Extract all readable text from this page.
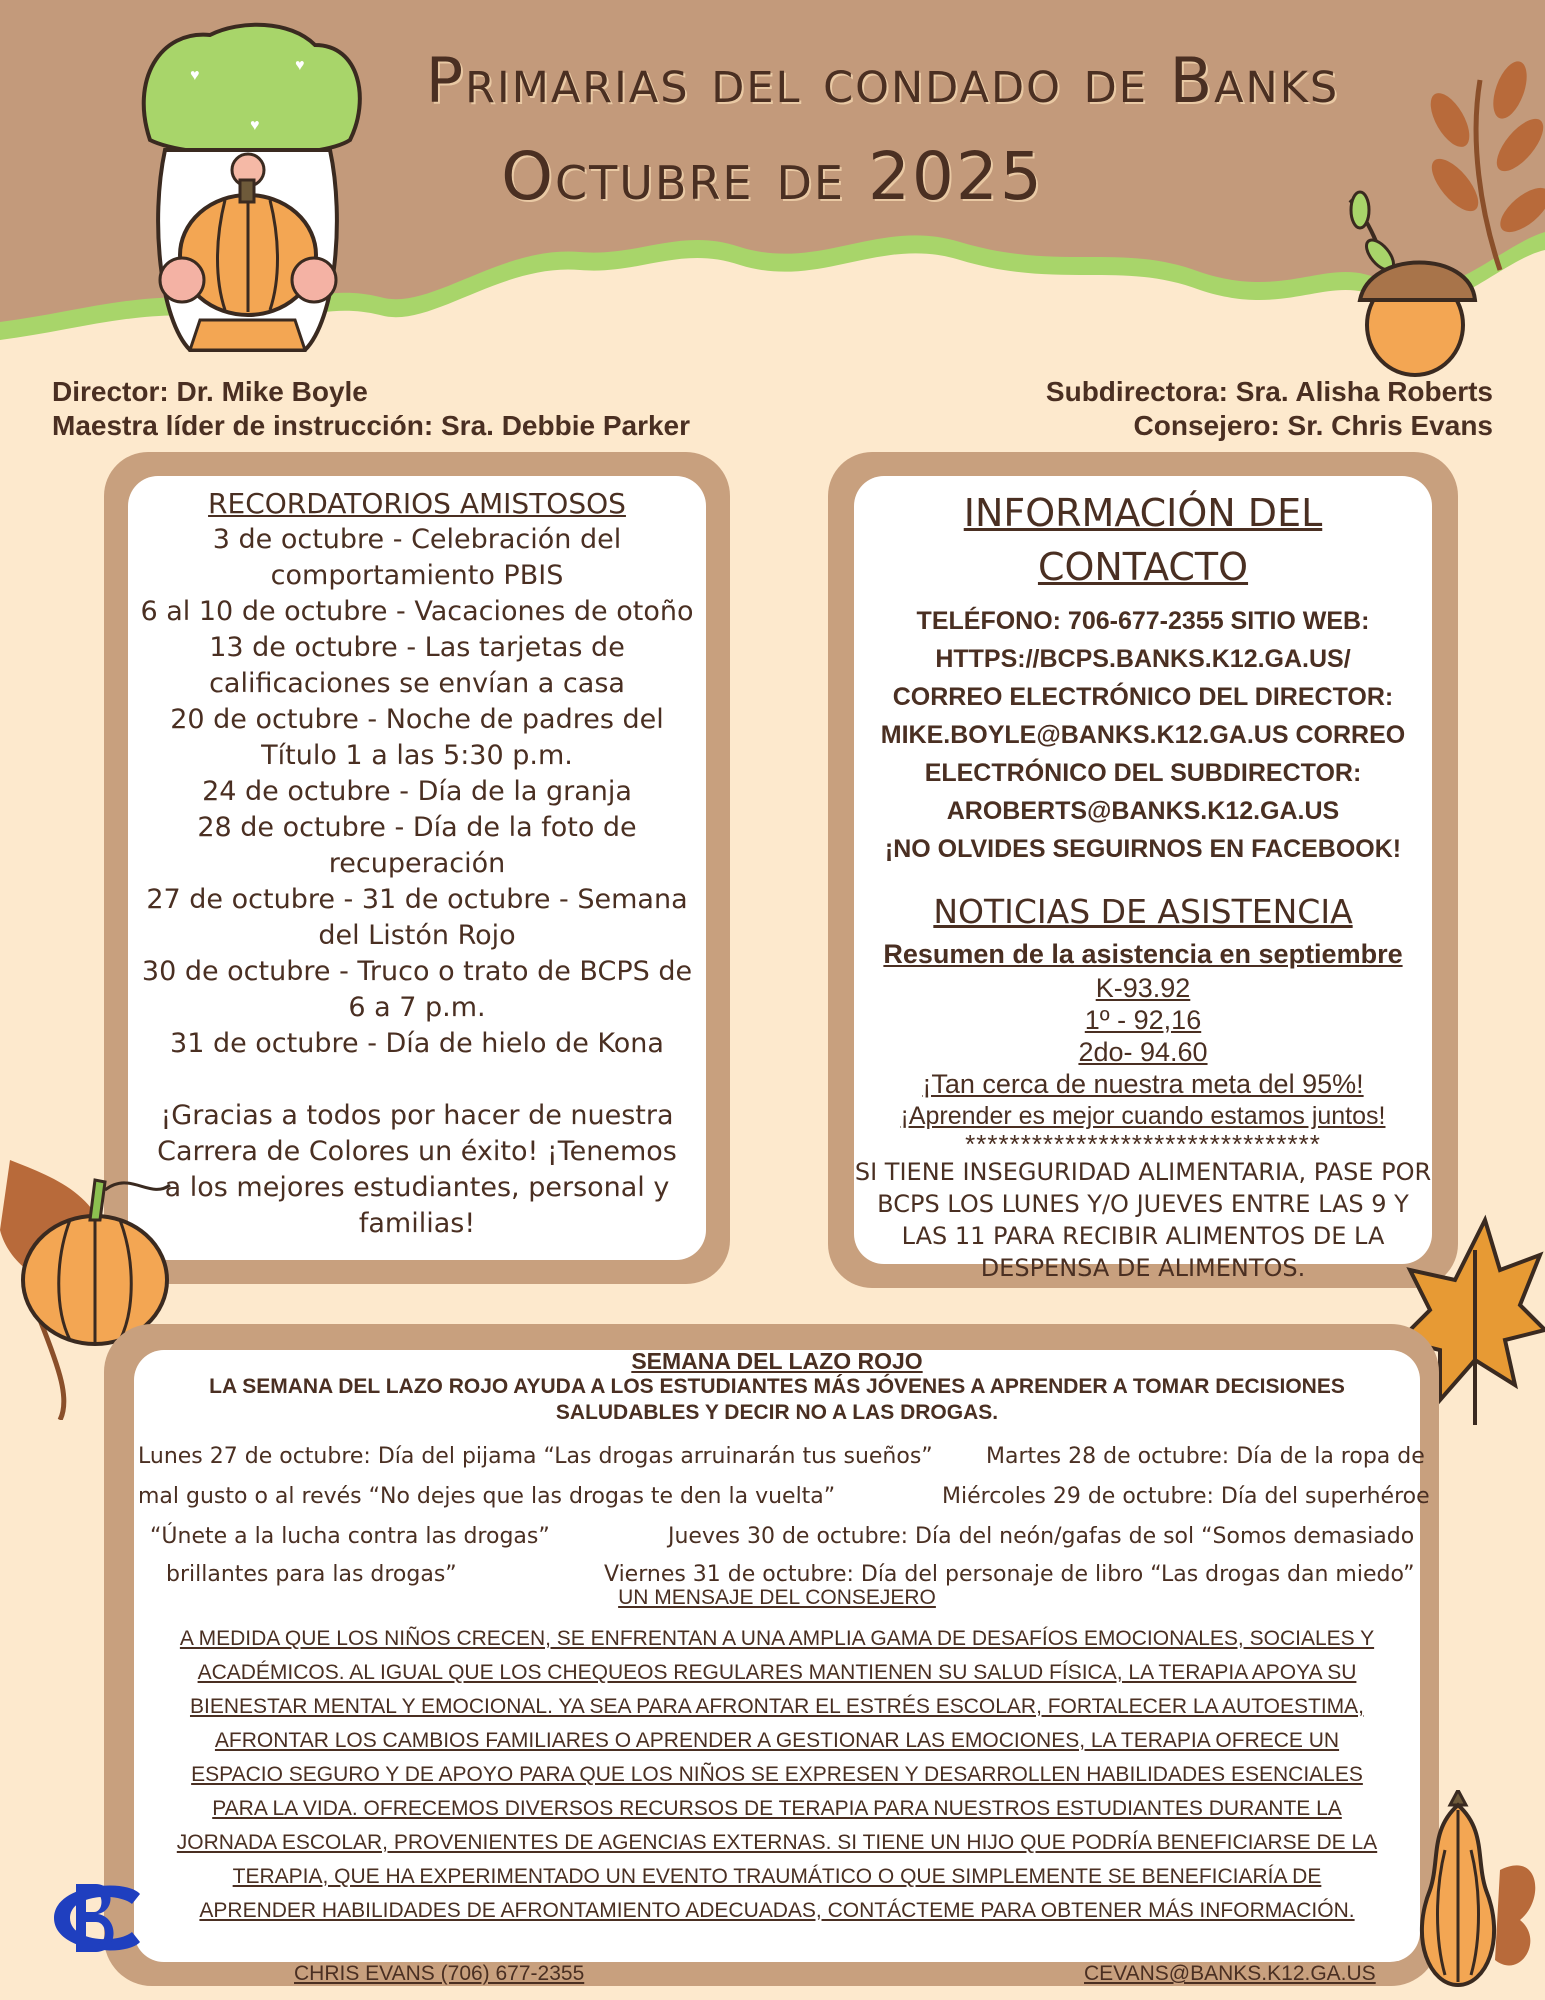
♥
♥
♥
Primarias del condado de Banks
Octubre de 2025
Director: Dr. Mike Boyle
Maestra líder de instrucción: Sra. Debbie Parker
Subdirectora: Sra. Alisha Roberts
Consejero: Sr. Chris Evans
RECORDATORIOS AMISTOSOS
3 de octubre - Celebración del comportamiento PBIS
6 al 10 de octubre - Vacaciones de otoño
13 de octubre - Las tarjetas de calificaciones se envían a casa
20 de octubre - Noche de padres del Título 1 a las 5:30 p.m.
24 de octubre - Día de la granja
28 de octubre - Día de la foto de recuperación
27 de octubre - 31 de octubre - Semana del Listón Rojo
30 de octubre - Truco o trato de BCPS de 6 a 7 p.m.
31 de octubre - Día de hielo de Kona
¡Gracias a todos por hacer de nuestra Carrera de Colores un éxito! ¡Tenemos a los mejores estudiantes, personal y familias!
INFORMACIÓN DEL CONTACTO
TELÉFONO: 706-677-2355 SITIO WEB:
HTTPS://BCPS.BANKS.K12.GA.US/
CORREO ELECTRÓNICO DEL DIRECTOR:
MIKE.BOYLE@BANKS.K12.GA.US CORREO
ELECTRÓNICO DEL SUBDIRECTOR:
AROBERTS@BANKS.K12.GA.US
¡NO OLVIDES SEGUIRNOS EN FACEBOOK!
NOTICIAS DE ASISTENCIA
Resumen de la asistencia en septiembre
K-93.92
1º - 92,16
2do- 94.60
¡Tan cerca de nuestra meta del 95%!
¡Aprender es mejor cuando estamos juntos!
********************************
SI TIENE INSEGURIDAD ALIMENTARIA, PASE POR BCPS LOS LUNES Y/O JUEVES ENTRE LAS 9 Y LAS 11 PARA RECIBIR ALIMENTOS DE LA DESPENSA DE ALIMENTOS.
SEMANA DEL LAZO ROJO
LA SEMANA DEL LAZO ROJO AYUDA A LOS ESTUDIANTES MÁS JÓVENES A APRENDER A TOMAR DECISIONES SALUDABLES Y DECIR NO A LAS DROGAS.
Lunes 27 de octubre: Día del pijama “Las drogas arruinarán tus sueños” Martes 28 de octubre: Día de la ropa de
mal gusto o al revés “No dejes que las drogas te den la vuelta”	Miércoles 29 de octubre: Día del superhéroe
“Únete a la lucha contra las drogas”	Jueves 30 de octubre: Día del neón/gafas de sol “Somos demasiado
brillantes para las drogas”	Viernes 31 de octubre: Día del personaje de libro “Las drogas dan miedo”
UN MENSAJE DEL CONSEJERO
A MEDIDA QUE LOS NIÑOS CRECEN, SE ENFRENTAN A UNA AMPLIA GAMA DE DESAFÍOS EMOCIONALES, SOCIALES Y ACADÉMICOS. AL IGUAL QUE LOS CHEQUEOS REGULARES MANTIENEN SU SALUD FÍSICA, LA TERAPIA APOYA SU BIENESTAR MENTAL Y EMOCIONAL. YA SEA PARA AFRONTAR EL ESTRÉS ESCOLAR, FORTALECER LA AUTOESTIMA, AFRONTAR LOS CAMBIOS FAMILIARES O APRENDER A GESTIONAR LAS EMOCIONES, LA TERAPIA OFRECE UN ESPACIO SEGURO Y DE APOYO PARA QUE LOS NIÑOS SE EXPRESEN Y DESARROLLEN HABILIDADES ESENCIALES PARA LA VIDA. OFRECEMOS DIVERSOS RECURSOS DE TERAPIA PARA NUESTROS ESTUDIANTES DURANTE LA JORNADA ESCOLAR, PROVENIENTES DE AGENCIAS EXTERNAS. SI TIENE UN HIJO QUE PODRÍA BENEFICIARSE DE LA TERAPIA, QUE HA EXPERIMENTADO UN EVENTO TRAUMÁTICO O QUE SIMPLEMENTE SE BENEFICIARÍA DE APRENDER HABILIDADES DE AFRONTAMIENTO ADECUADAS, CONTÁCTEME PARA OBTENER MÁS INFORMACIÓN.
CHRIS EVANS (706) 677-2355	CEVANS@BANKS.K12.GA.US
